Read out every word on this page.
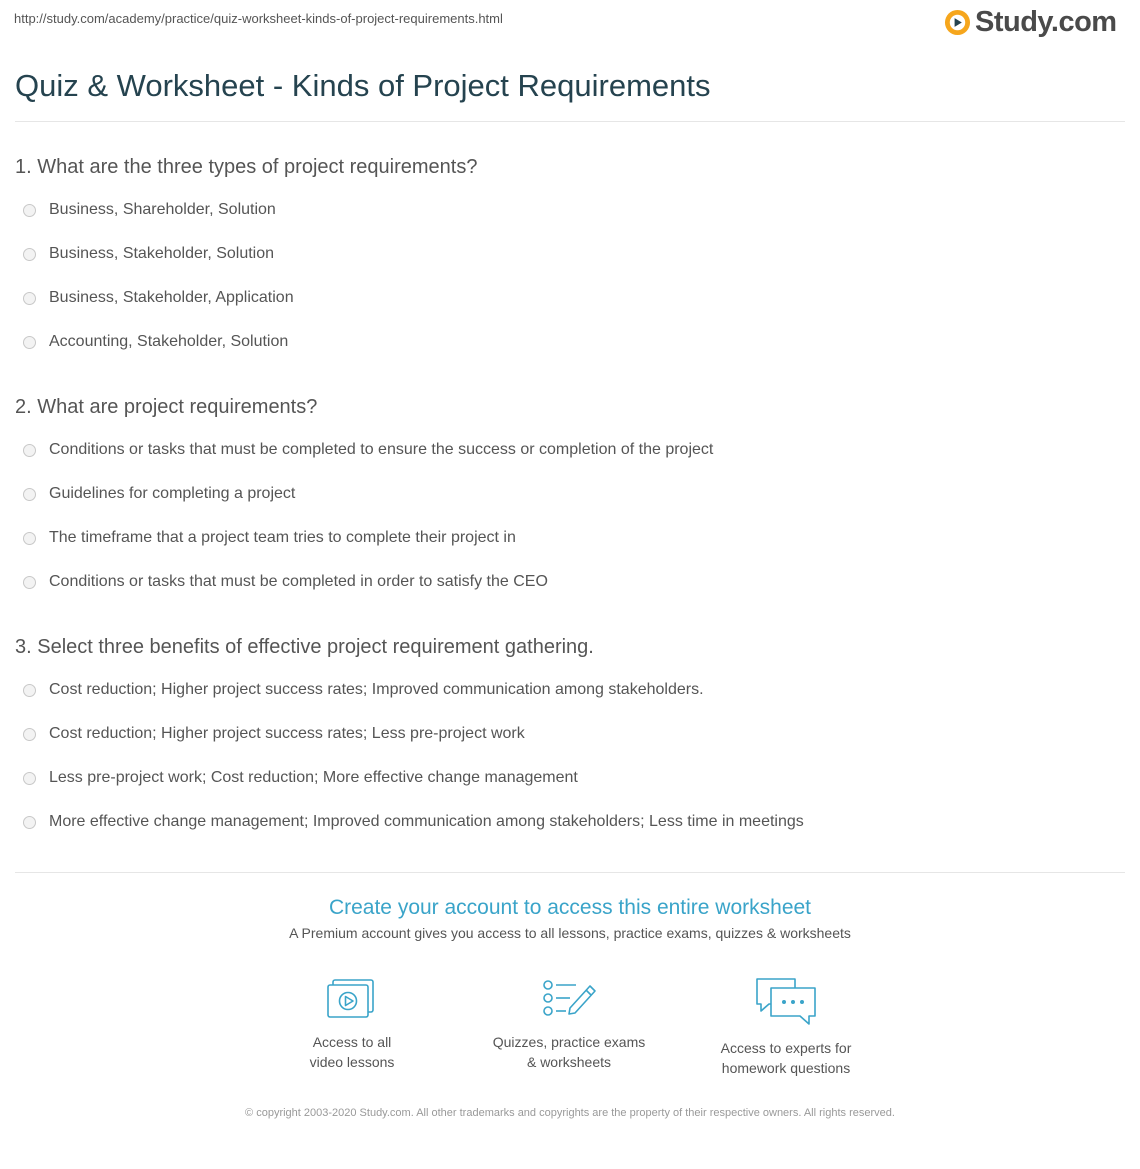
http://study.com/academy/practice/quiz-worksheet-kinds-of-project-requirements.html	Study.com
Quiz & Worksheet - Kinds of Project Requirements
1. What are the three types of project requirements?
Business, Shareholder, Solution
Business, Stakeholder, Solution
Business, Stakeholder, Application
Accounting, Stakeholder, Solution
2. What are project requirements?
Conditions or tasks that must be completed to ensure the success or completion of the project
Guidelines for completing a project
The timeframe that a project team tries to complete their project in
Conditions or tasks that must be completed in order to satisfy the CEO
3. Select three benefits of effective project requirement gathering.
Cost reduction; Higher project success rates; Improved communication among stakeholders.
Cost reduction; Higher project success rates; Less pre-project work
Less pre-project work; Cost reduction; More effective change management
More effective change management; Improved communication among stakeholders; Less time in meetings

Create your account to access this entire worksheet

A Premium account gives you access to all lessons, practice exams, quizzes & worksheets
Access to all
video lessons
Quizzes, practice exams
& worksheets
Access to experts for
homework questions
© copyright 2003-2020 Study.com. All other trademarks and copyrights are the property of their respective owners. All rights reserved.
